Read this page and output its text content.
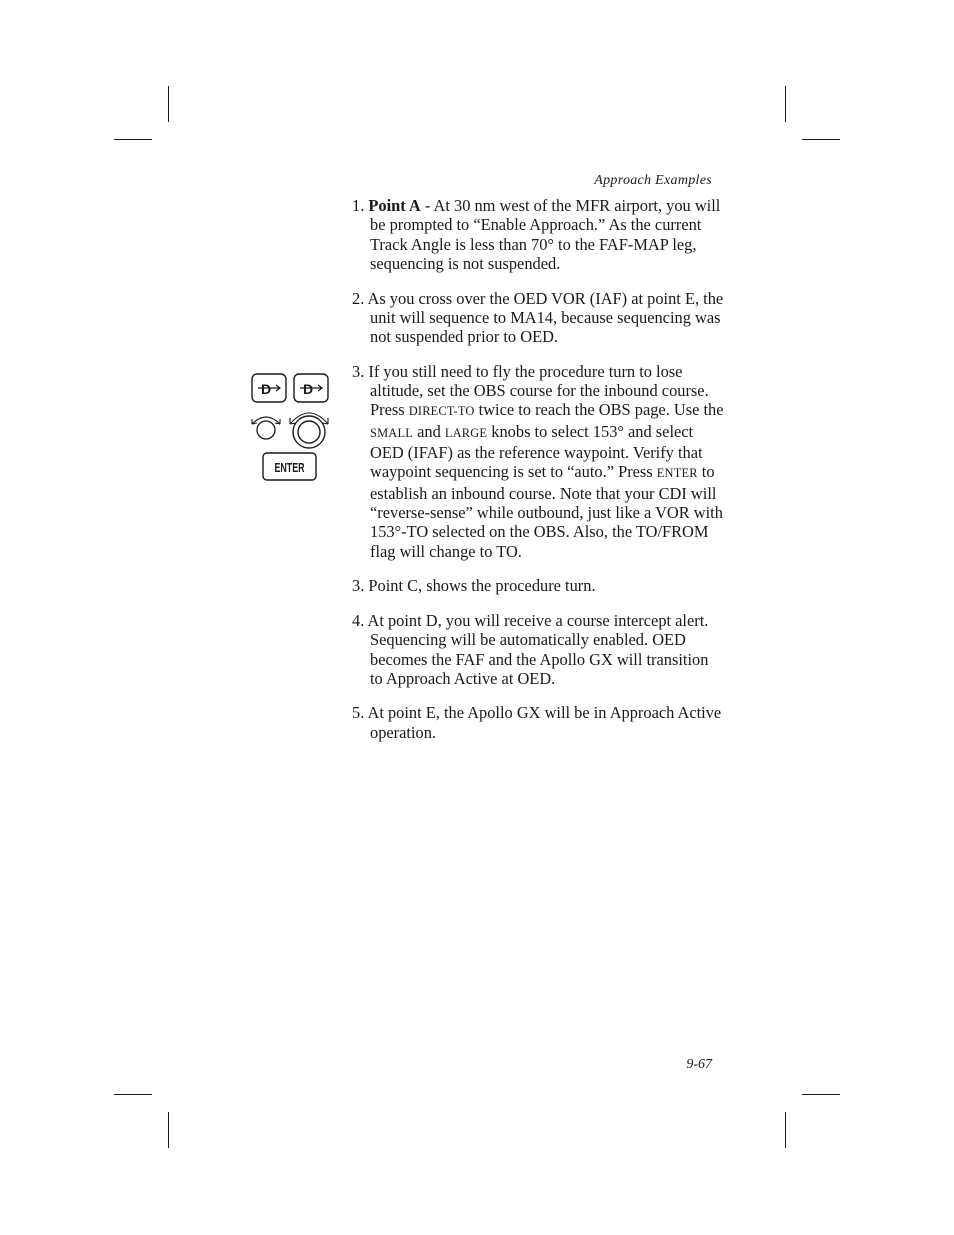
Approach Examples
D D
ENTER
1. Point A - At 30 nm west of the MFR airport, you will be prompted to “Enable Approach.” As the current Track Angle is less than 70° to the FAF-MAP leg, sequencing is not suspended.
2. As you cross over the OED VOR (IAF) at point E, the unit will sequence to MA14, because sequencing was not suspended prior to OED.
3. If you still need to fly the procedure turn to lose altitude, set the OBS course for the inbound course. Press DIRECT-TO twice to reach the OBS page. Use the SMALL and LARGE knobs to select 153° and select OED (IFAF) as the reference waypoint. Verify that waypoint sequencing is set to “auto.” Press ENTER to establish an inbound course. Note that your CDI will “reverse-sense” while outbound, just like a VOR with 153°-TO selected on the OBS. Also, the TO/FROM flag will change to TO.
3. Point C, shows the procedure turn.
4. At point D, you will receive a course intercept alert. Sequencing will be automatically enabled. OED becomes the FAF and the Apollo GX will transition to Approach Active at OED.
5. At point E, the Apollo GX will be in Approach Active operation.
9-67
